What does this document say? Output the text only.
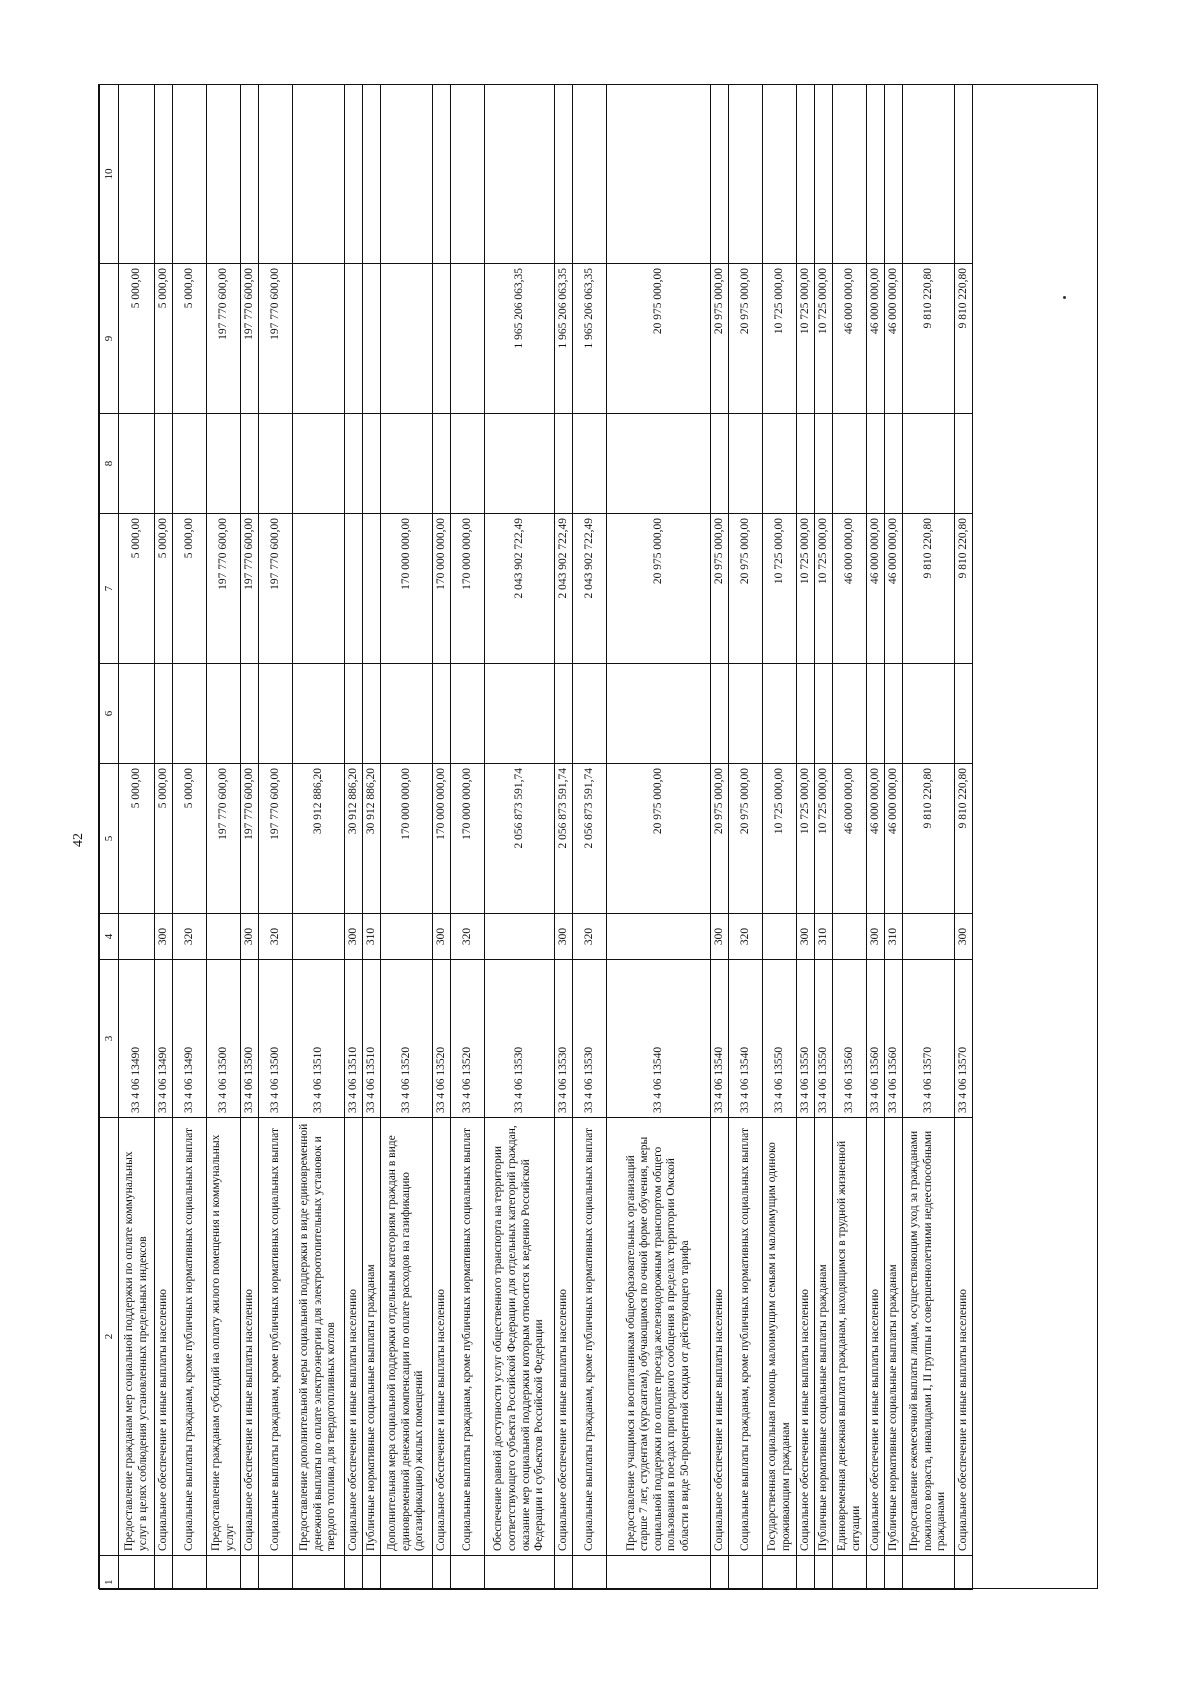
42
1	2	3	4	5	6	7	8	9	10
	Предоставление гражданам мер социальной поддержки по оплате коммунальных услуг в целях соблюдения установленных предельных индексов	33 4 06 13490		5 000,00		5 000,00		5 000,00	
	Социальное обеспечение и иные выплаты населению	33 4 06 13490	300	5 000,00		5 000,00		5 000,00	
	Социальные выплаты гражданам, кроме публичных нормативных социальных выплат	33 4 06 13490	320	5 000,00		5 000,00		5 000,00	
	Предоставление гражданам субсидий на оплату жилого помещения и коммунальных услуг	33 4 06 13500		197 770 600,00		197 770 600,00		197 770 600,00	
	Социальное обеспечение и иные выплаты населению	33 4 06 13500	300	197 770 600,00		197 770 600,00		197 770 600,00	
	Социальные выплаты гражданам, кроме публичных нормативных социальных выплат	33 4 06 13500	320	197 770 600,00		197 770 600,00		197 770 600,00	
	Предоставление дополнительной меры социальной поддержки в виде единовременной денежной выплаты по оплате электроэнергии для электроотопительных установок и твердого топлива для твердотопливных котлов	33 4 06 13510		30 912 886,20					
	Социальное обеспечение и иные выплаты населению	33 4 06 13510	300	30 912 886,20					
	Публичные нормативные социальные выплаты гражданам	33 4 06 13510	310	30 912 886,20					
	Дополнительная мера социальной поддержки отдельным категориям граждан в виде единовременной денежной компенсации по оплате расходов на газификацию (догазификацию) жилых помещений	33 4 06 13520		170 000 000,00		170 000 000,00			
	Социальное обеспечение и иные выплаты населению	33 4 06 13520	300	170 000 000,00		170 000 000,00			
	Социальные выплаты гражданам, кроме публичных нормативных социальных выплат	33 4 06 13520	320	170 000 000,00		170 000 000,00			
	Обеспечение равной доступности услуг общественного транспорта на территории соответствующего субъекта Российской Федерации для отдельных категорий граждан, оказание мер социальной поддержки которым относится к ведению Российской Федерации и субъектов Российской Федерации	33 4 06 13530		2 056 873 591,74		2 043 902 722,49		1 965 206 063,35	
	Социальное обеспечение и иные выплаты населению	33 4 06 13530	300	2 056 873 591,74		2 043 902 722,49		1 965 206 063,35	
	Социальные выплаты гражданам, кроме публичных нормативных социальных выплат	33 4 06 13530	320	2 056 873 591,74		2 043 902 722,49		1 965 206 063,35	
	Предоставление учащимся и воспитанникам общеобразовательных организаций старше 7 лет, студентам (курсантам), обучающимся по очной форме обучения, меры социальной поддержки по оплате проезда железнодорожным транспортом общего пользования в поездах пригородного сообщения в пределах территории Омской области в виде 50-процентной скидки от действующего тарифа	33 4 06 13540		20 975 000,00		20 975 000,00		20 975 000,00	
	Социальное обеспечение и иные выплаты населению	33 4 06 13540	300	20 975 000,00		20 975 000,00		20 975 000,00	
	Социальные выплаты гражданам, кроме публичных нормативных социальных выплат	33 4 06 13540	320	20 975 000,00		20 975 000,00		20 975 000,00	
	Государственная социальная помощь малоимущим семьям и малоимущим одиноко проживающим гражданам	33 4 06 13550		10 725 000,00		10 725 000,00		10 725 000,00	
	Социальное обеспечение и иные выплаты населению	33 4 06 13550	300	10 725 000,00		10 725 000,00		10 725 000,00	
	Публичные нормативные социальные выплаты гражданам	33 4 06 13550	310	10 725 000,00		10 725 000,00		10 725 000,00	
	Единовременная денежная выплата гражданам, находящимся в трудной жизненной ситуации	33 4 06 13560		46 000 000,00		46 000 000,00		46 000 000,00	
	Социальное обеспечение и иные выплаты населению	33 4 06 13560	300	46 000 000,00		46 000 000,00		46 000 000,00	
	Публичные нормативные социальные выплаты гражданам	33 4 06 13560	310	46 000 000,00		46 000 000,00		46 000 000,00	
	Предоставление ежемесячной выплаты лицам, осуществляющим уход за гражданами пожилого возраста, инвалидами I, II группы и совершеннолетними недееспособными гражданами	33 4 06 13570		9 810 220,80		9 810 220,80		9 810 220,80	
	Социальное обеспечение и иные выплаты населению	33 4 06 13570	300	9 810 220,80		9 810 220,80		9 810 220,80	
